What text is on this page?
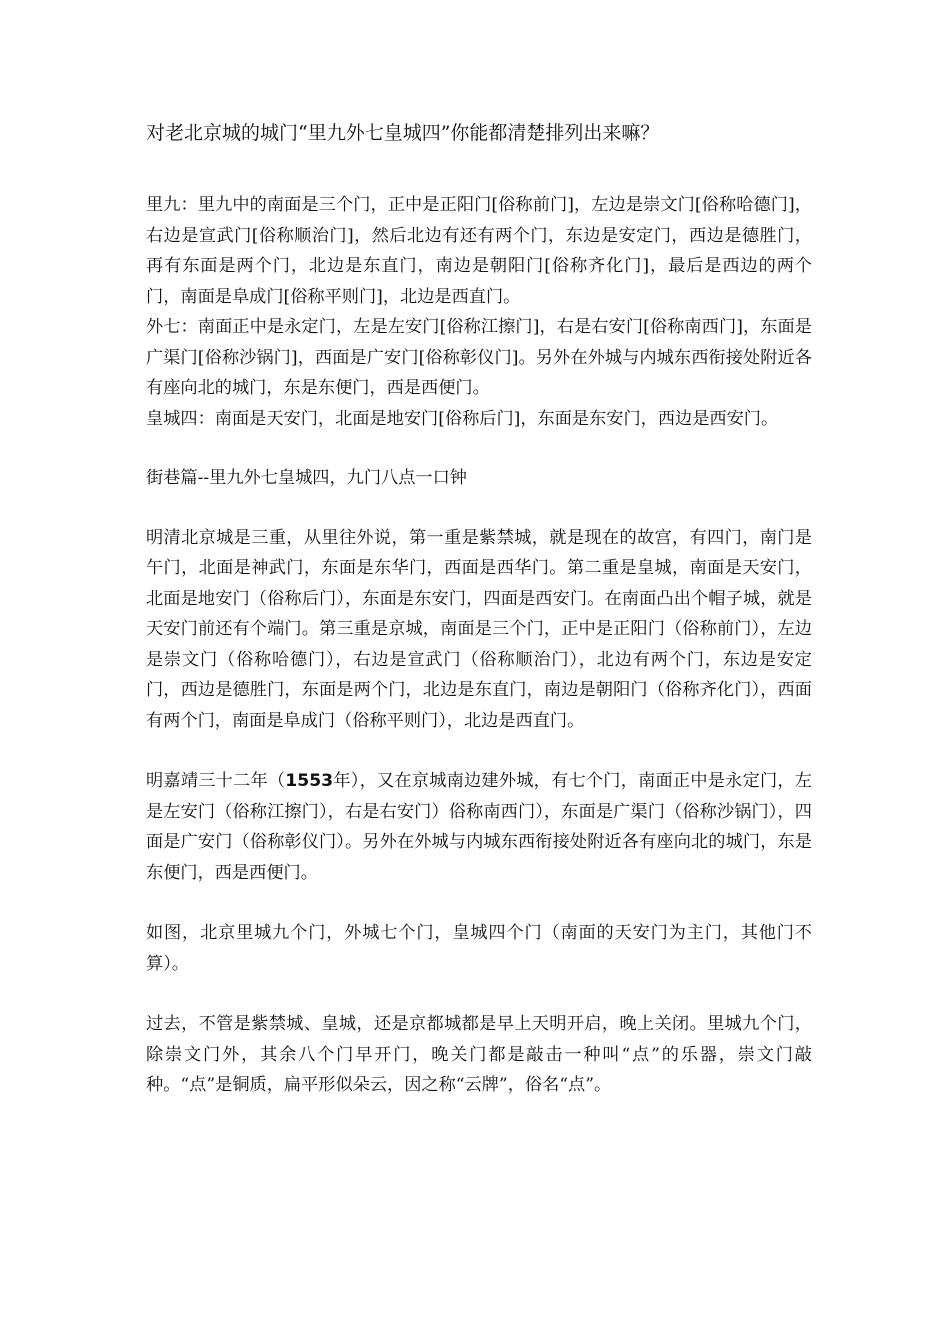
对老北京城的城门“里九外七皇城四”你能都清楚排列出来嘛？

里九：里九中的南面是三个门，正中是正阳门[俗称前门]，左边是崇文门[俗称哈德门]，右边是宣武门[俗称顺治门]，然后北边有还有两个门，东边是安定门，西边是德胜门，再有东面是两个门，北边是东直门，南边是朝阳门[俗称齐化门]，最后是西边的两个门，南面是阜成门[俗称平则门]，北边是西直门。

外七：南面正中是永定门，左是左安门[俗称江擦门]，右是右安门[俗称南西门]，东面是广渠门[俗称沙锅门]，西面是广安门[俗称彰仪门]。另外在外城与内城东西衔接处附近各有座向北的城门，东是东便门，西是西便门。

皇城四：南面是天安门，北面是地安门[俗称后门]，东面是东安门，西边是西安门。

街巷篇--里九外七皇城四，九门八点一口钟

明清北京城是三重，从里往外说，第一重是紫禁城，就是现在的故宫，有四门，南门是午门，北面是神武门，东面是东华门，西面是西华门。第二重是皇城，南面是天安门，北面是地安门（俗称后门），东面是东安门，四面是西安门。在南面凸出个帽子城，就是天安门前还有个端门。第三重是京城，南面是三个门，正中是正阳门（俗称前门），左边是崇文门（俗称哈德门），右边是宣武门（俗称顺治门），北边有两个门，东边是安定门，西边是德胜门，东面是两个门，北边是东直门，南边是朝阳门（俗称齐化门），西面有两个门，南面是阜成门（俗称平则门），北边是西直门。

明嘉靖三十二年（1553年），又在京城南边建外城，有七个门，南面正中是永定门，左是左安门（俗称江擦门），右是右安门）俗称南西门），东面是广渠门（俗称沙锅门），四面是广安门（俗称彰仪门）。另外在外城与内城东西衔接处附近各有座向北的城门，东是东便门，西是西便门。

如图，北京里城九个门，外城七个门，皇城四个门（南面的天安门为主门，其他门不算）。

过去，不管是紫禁城、皇城，还是京都城都是早上天明开启，晚上关闭。里城九个门，除崇文门外，其余八个门早开门，晚关门都是敲击一种叫“点”的乐器，崇文门敲种。“点”是铜质，扁平形似朵云，因之称“云牌”，俗名“点”。
